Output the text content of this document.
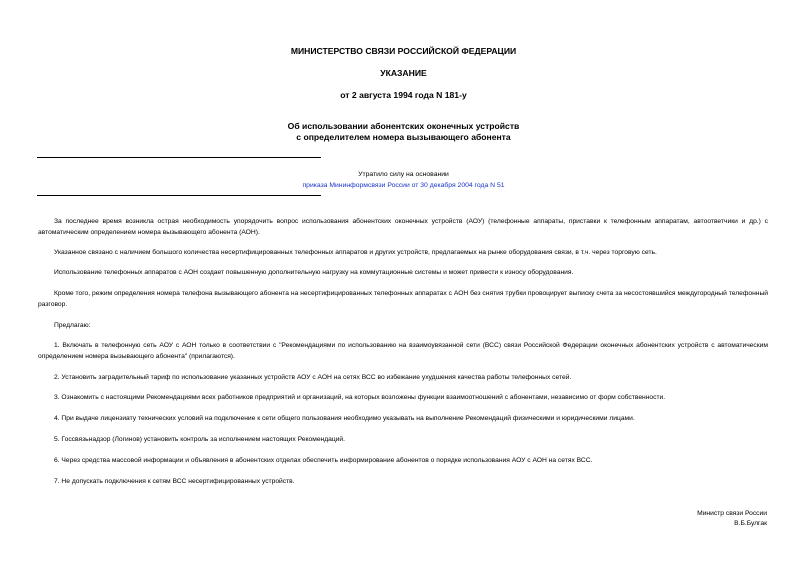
МИНИСТЕРСТВО СВЯЗИ РОССИЙСКОЙ ФЕДЕРАЦИИ
УКАЗАНИЕ
от 2 августа 1994 года N 181-у
Об использовании абонентских оконечных устройств
с определителем номера вызывающего абонента
Утратило силу на основании
приказа Мининформсвязи России от 30 декабря 2004 года N 51
За последнее время возникла острая необходимость упорядочить вопрос использования абонентских оконечных устройств (АОУ) (телефонные аппараты, приставки к телефонным аппаратам, автоответчики и др.) с автоматическим определением номера вызывающего абонента (АОН).
Указанное связано с наличием большого количества несертифицированных телефонных аппаратов и других устройств, предлагаемых на рынке оборудования связи, в т.ч. через торговую сеть.
Использование телефонных аппаратов с АОН создает повышенную дополнительную нагрузку на коммутационные системы и может привести к износу оборудования.
Кроме того, режим определения номера телефона вызывающего абонента на несертифицированных телефонных аппаратах с АОН без снятия трубки провоцирует выписку счета за несостоявшийся междугородный телефонный разговор.
Предлагаю:
1. Включать в телефонную сеть АОУ с АОН только в соответствии с "Рекомендациями по использованию на взаимоувязанной сети (ВСС) связи Российской Федерации оконечных абонентских устройств с автоматическим определением номера вызывающего абонента" (прилагаются).
2. Установить заградительный тариф по использование указанных устройств АОУ с АОН на сетях ВСС во избежание ухудшения качества работы телефонных сетей.
3. Ознакомить с настоящими Рекомендациями всех работников предприятий и организаций, на которых возложены функции взаимоотношений с абонентами, независимо от форм собственности.
4. При выдаче лицензиату технических условий на подключение к сети общего пользования необходимо указывать на выполнение Рекомендаций физическими и юридическими лицами.
5. Госсвязьнадзор (Логинов) установить контроль за исполнением настоящих Рекомендаций.
6. Через средства массовой информации и объявления в абонентских отделах обеспечить информирование абонентов о порядке использования АОУ с АОН на сетях ВСС.
7. Не допускать подключения к сетям ВСС несертифицированных устройств.
Министр связи России
В.Б.Булгак
